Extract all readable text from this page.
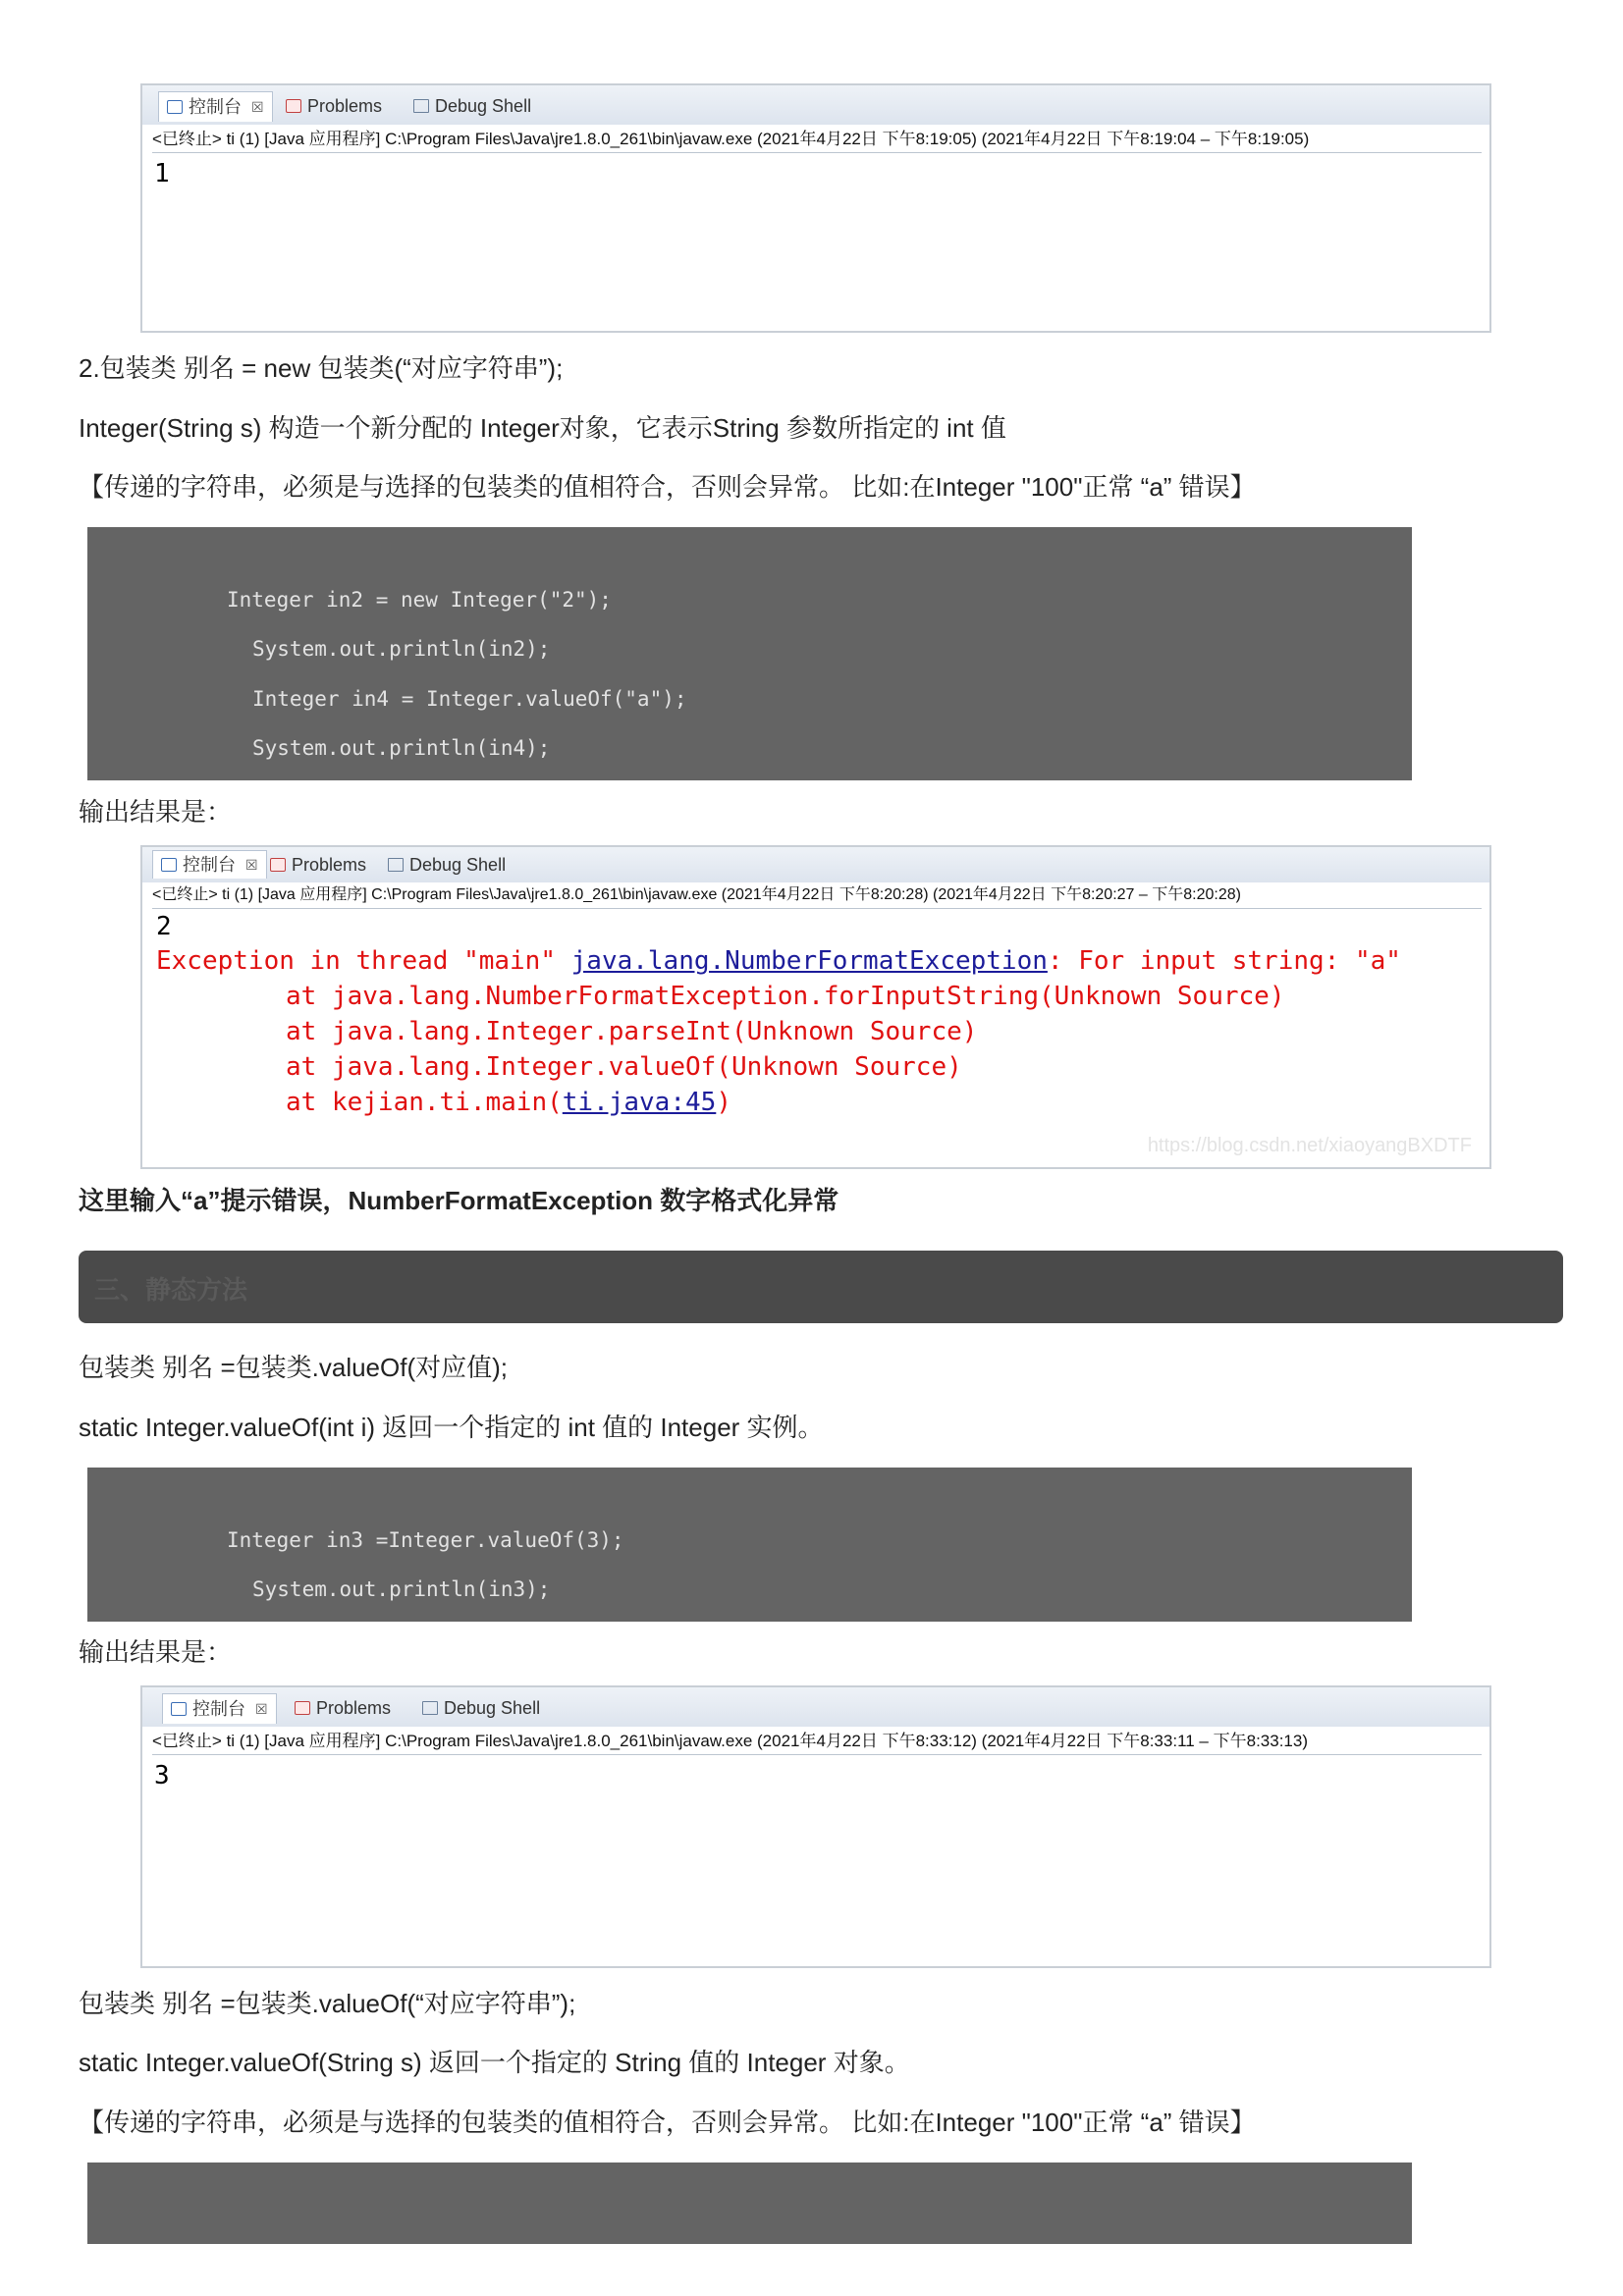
控制台 ☒ Problems	Debug Shell
<已终止> ti (1) [Java 应用程序] C:\Program Files\Java\jre1.8.0_261\bin\javaw.exe (2021年4月22日 下午8:19:05) (2021年4月22日 下午8:19:04 – 下午8:19:05)
1
2.包装类 别名 = new 包装类(“对应字符串”);
Integer(String s) 构造一个新分配的 Integer对象，它表示String 参数所指定的 int 值
【传递的字符串，必须是与选择的包装类的值相符合，否则会异常。 比如:在Integer "100"正常 “a” 错误】
Integer in2 = new Integer("2");
System.out.println(in2);
Integer in4 = Integer.valueOf("a");
System.out.println(in4);
输出结果是：
控制台 ☒ Problems Debug Shell
<已终止> ti (1) [Java 应用程序] C:\Program Files\Java\jre1.8.0_261\bin\javaw.exe (2021年4月22日 下午8:20:28) (2021年4月22日 下午8:20:27 – 下午8:20:28)
2
Exception in thread "main" java.lang.NumberFormatException: For input string: "a"
at java.lang.NumberFormatException.forInputString(Unknown Source)
at java.lang.Integer.parseInt(Unknown Source)
at java.lang.Integer.valueOf(Unknown Source)
at kejian.ti.main(ti.java:45)
https://blog.csdn.net/xiaoyangBXDTF
这里输入“a”提示错误，NumberFormatException 数字格式化异常
三、静态方法
包装类 别名 =包装类.valueOf(对应值);
static Integer.valueOf(int i) 返回一个指定的 int 值的 Integer 实例。
Integer in3 =Integer.valueOf(3);
System.out.println(in3);
输出结果是：
控制台 ☒	Problems	Debug Shell
<已终止> ti (1) [Java 应用程序] C:\Program Files\Java\jre1.8.0_261\bin\javaw.exe (2021年4月22日 下午8:33:12) (2021年4月22日 下午8:33:11 – 下午8:33:13)
3
包装类 别名 =包装类.valueOf(“对应字符串”);
static Integer.valueOf(String s) 返回一个指定的 String 值的 Integer 对象。
【传递的字符串，必须是与选择的包装类的值相符合，否则会异常。 比如:在Integer "100"正常 “a” 错误】
